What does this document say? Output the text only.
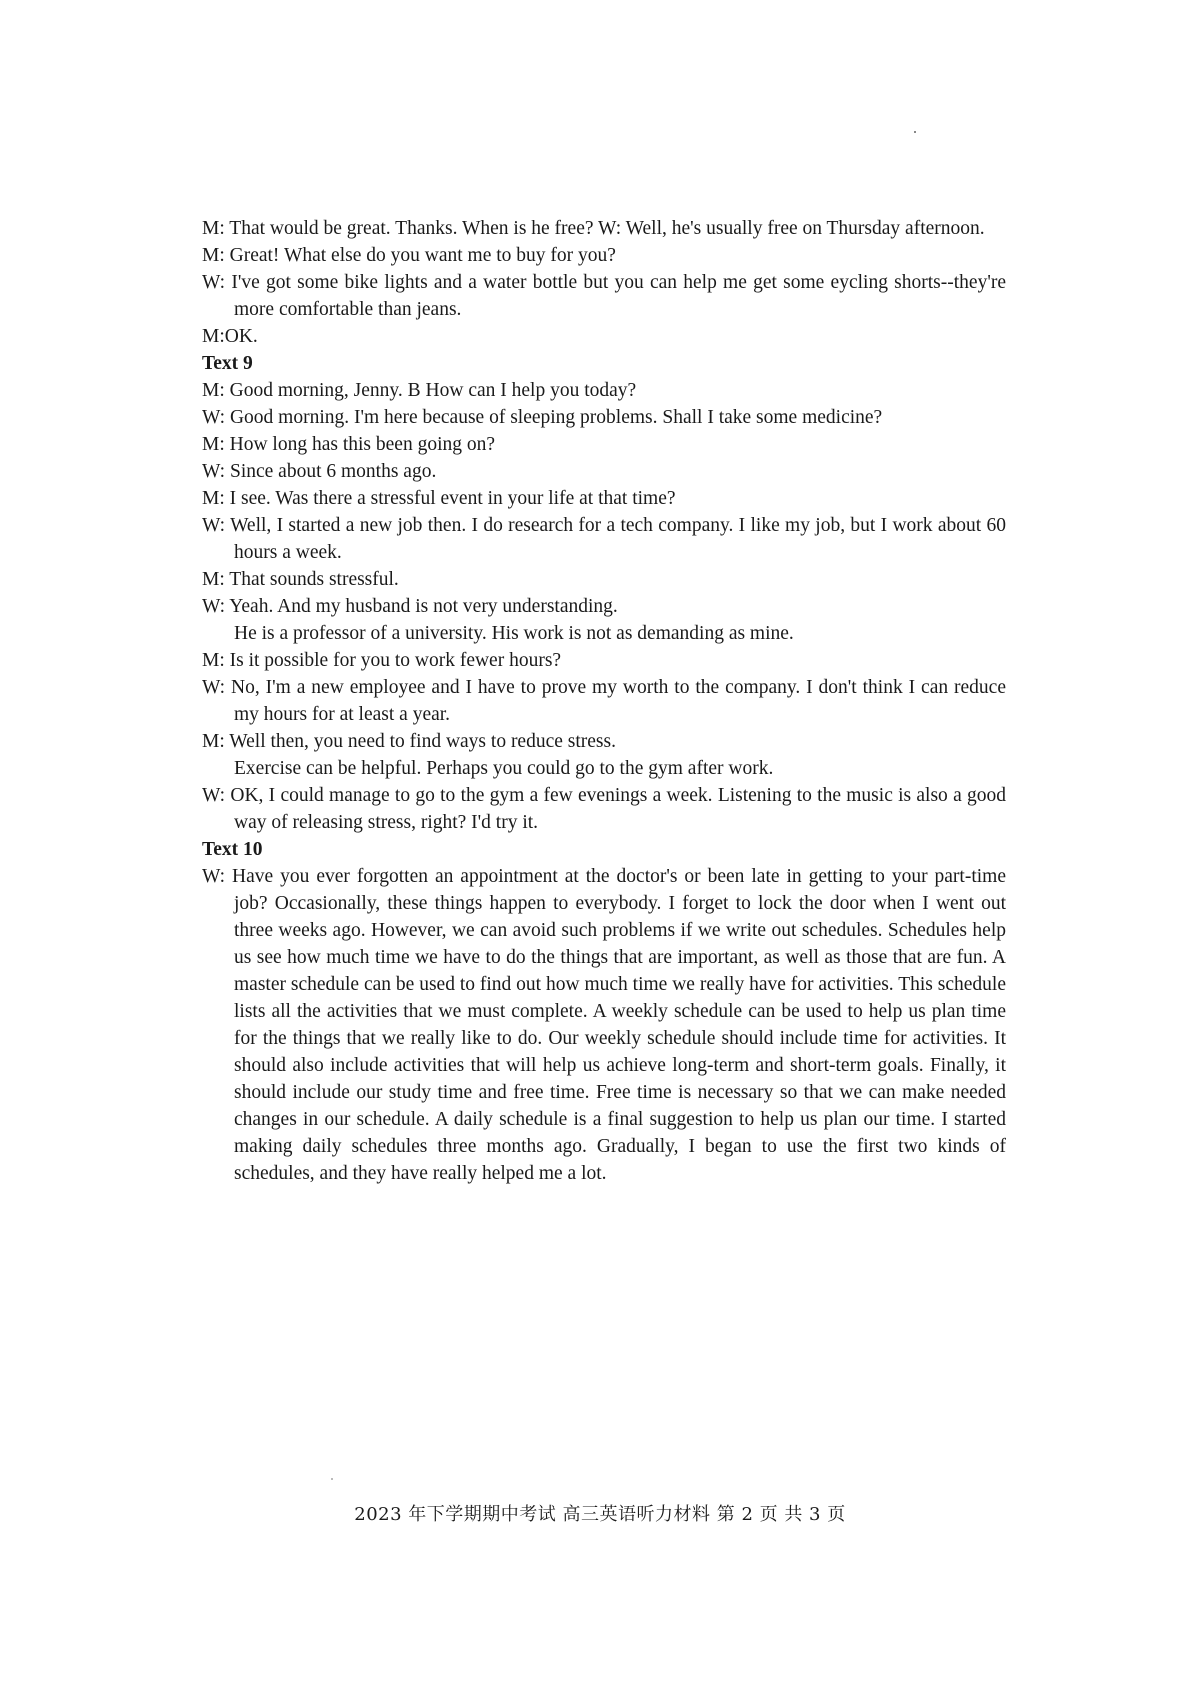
M: That would be great. Thanks. When is he free? W: Well, he's usually free on Thursday afternoon.

M: Great! What else do you want me to buy for you?

W: I've got some bike lights and a water bottle but you can help me get some eycling shorts--they're more comfortable than jeans.

M:OK.

Text 9

M: Good morning, Jenny. B How can I help you today?

W: Good morning. I'm here because of sleeping problems. Shall I take some medicine?

M: How long has this been going on?

W: Since about 6 months ago.

M: I see. Was there a stressful event in your life at that time?

W: Well, I started a new job then. I do research for a tech company. I like my job, but I work about 60 hours a week.

M: That sounds stressful.

W: Yeah. And my husband is not very understanding.

He is a professor of a university. His work is not as demanding as mine.

M: Is it possible for you to work fewer hours?

W: No, I'm a new employee and I have to prove my worth to the company. I don't think I can reduce my hours for at least a year.

M: Well then, you need to find ways to reduce stress.

Exercise can be helpful. Perhaps you could go to the gym after work.

W: OK, I could manage to go to the gym a few evenings a week. Listening to the music is also a good way of releasing stress, right? I'd try it.

Text 10

W: Have you ever forgotten an appointment at the doctor's or been late in getting to your part-time job? Occasionally, these things happen to everybody. I forget to lock the door when I went out three weeks ago. However, we can avoid such problems if we write out schedules. Schedules help us see how much time we have to do the things that are important, as well as those that are fun. A master schedule can be used to find out how much time we really have for activities. This schedule lists all the activities that we must complete. A weekly schedule can be used to help us plan time for the things that we really like to do. Our weekly schedule should include time for activities. It should also include activities that will help us achieve long-term and short-term goals. Finally, it should include our study time and free time. Free time is necessary so that we can make needed changes in our schedule. A daily schedule is a final suggestion to help us plan our time. I started making daily schedules three months ago. Gradually, I began to use the first two kinds of schedules, and they have really helped me a lot.

2023 年下学期期中考试 高三英语听力材料 第 2 页 共 3 页
